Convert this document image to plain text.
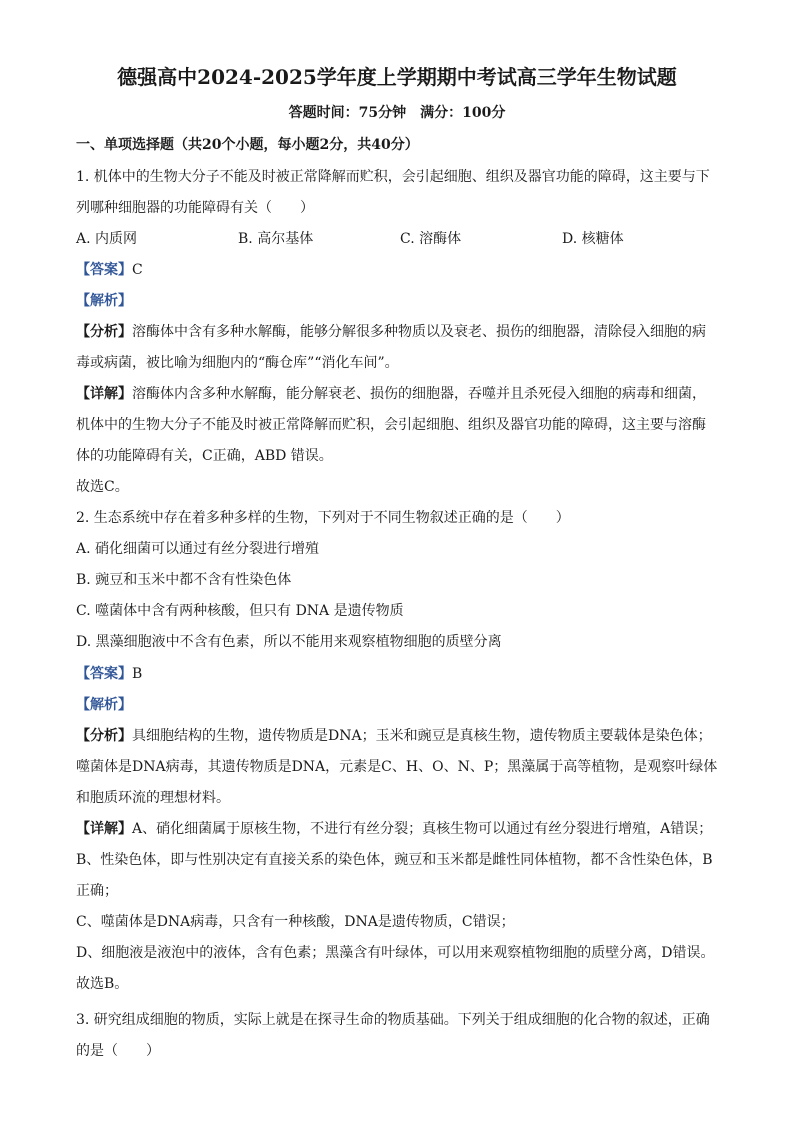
德强高中2024-2025学年度上学期期中考试高三学年生物试题
答题时间：75分钟　满分：100分
一、单项选择题（共20个小题，每小题2分，共40分）
1. 机体中的生物大分子不能及时被正常降解而贮积，会引起细胞、组织及器官功能的障碍，这主要与下
列哪种细胞器的功能障碍有关（　　）
A. 内质网	B. 高尔基体	C. 溶酶体	D. 核糖体
【答案】C
【解析】
【分析】溶酶体中含有多种水解酶，能够分解很多种物质以及衰老、损伤的细胞器，清除侵入细胞的病
毒或病菌，被比喻为细胞内的“酶仓库”“消化车间”。
【详解】溶酶体内含多种水解酶，能分解衰老、损伤的细胞器，吞噬并且杀死侵入细胞的病毒和细菌，
机体中的生物大分子不能及时被正常降解而贮积，会引起细胞、组织及器官功能的障碍，这主要与溶酶
体的功能障碍有关，C正确，ABD 错误。
故选C。
2. 生态系统中存在着多种多样的生物，下列对于不同生物叙述正确的是（　　）
A. 硝化细菌可以通过有丝分裂进行增殖
B. 豌豆和玉米中都不含有性染色体
C. 噬菌体中含有两种核酸，但只有 DNA 是遗传物质
D. 黑藻细胞液中不含有色素，所以不能用来观察植物细胞的质壁分离
【答案】B
【解析】
【分析】具细胞结构的生物，遗传物质是DNA；玉米和豌豆是真核生物，遗传物质主要载体是染色体；
噬菌体是DNA病毒，其遗传物质是DNA，元素是C、H、O、N、P；黑藻属于高等植物，是观察叶绿体
和胞质环流的理想材料。
【详解】A、硝化细菌属于原核生物，不进行有丝分裂；真核生物可以通过有丝分裂进行增殖，A错误；
B、性染色体，即与性别决定有直接关系的染色体，豌豆和玉米都是雌性同体植物，都不含性染色体，B
正确；
C、噬菌体是DNA病毒，只含有一种核酸，DNA是遗传物质，C错误；
D、细胞液是液泡中的液体，含有色素；黑藻含有叶绿体，可以用来观察植物细胞的质壁分离，D错误。
故选B。
3. 研究组成细胞的物质，实际上就是在探寻生命的物质基础。下列关于组成细胞的化合物的叙述，正确
的是（　　）
